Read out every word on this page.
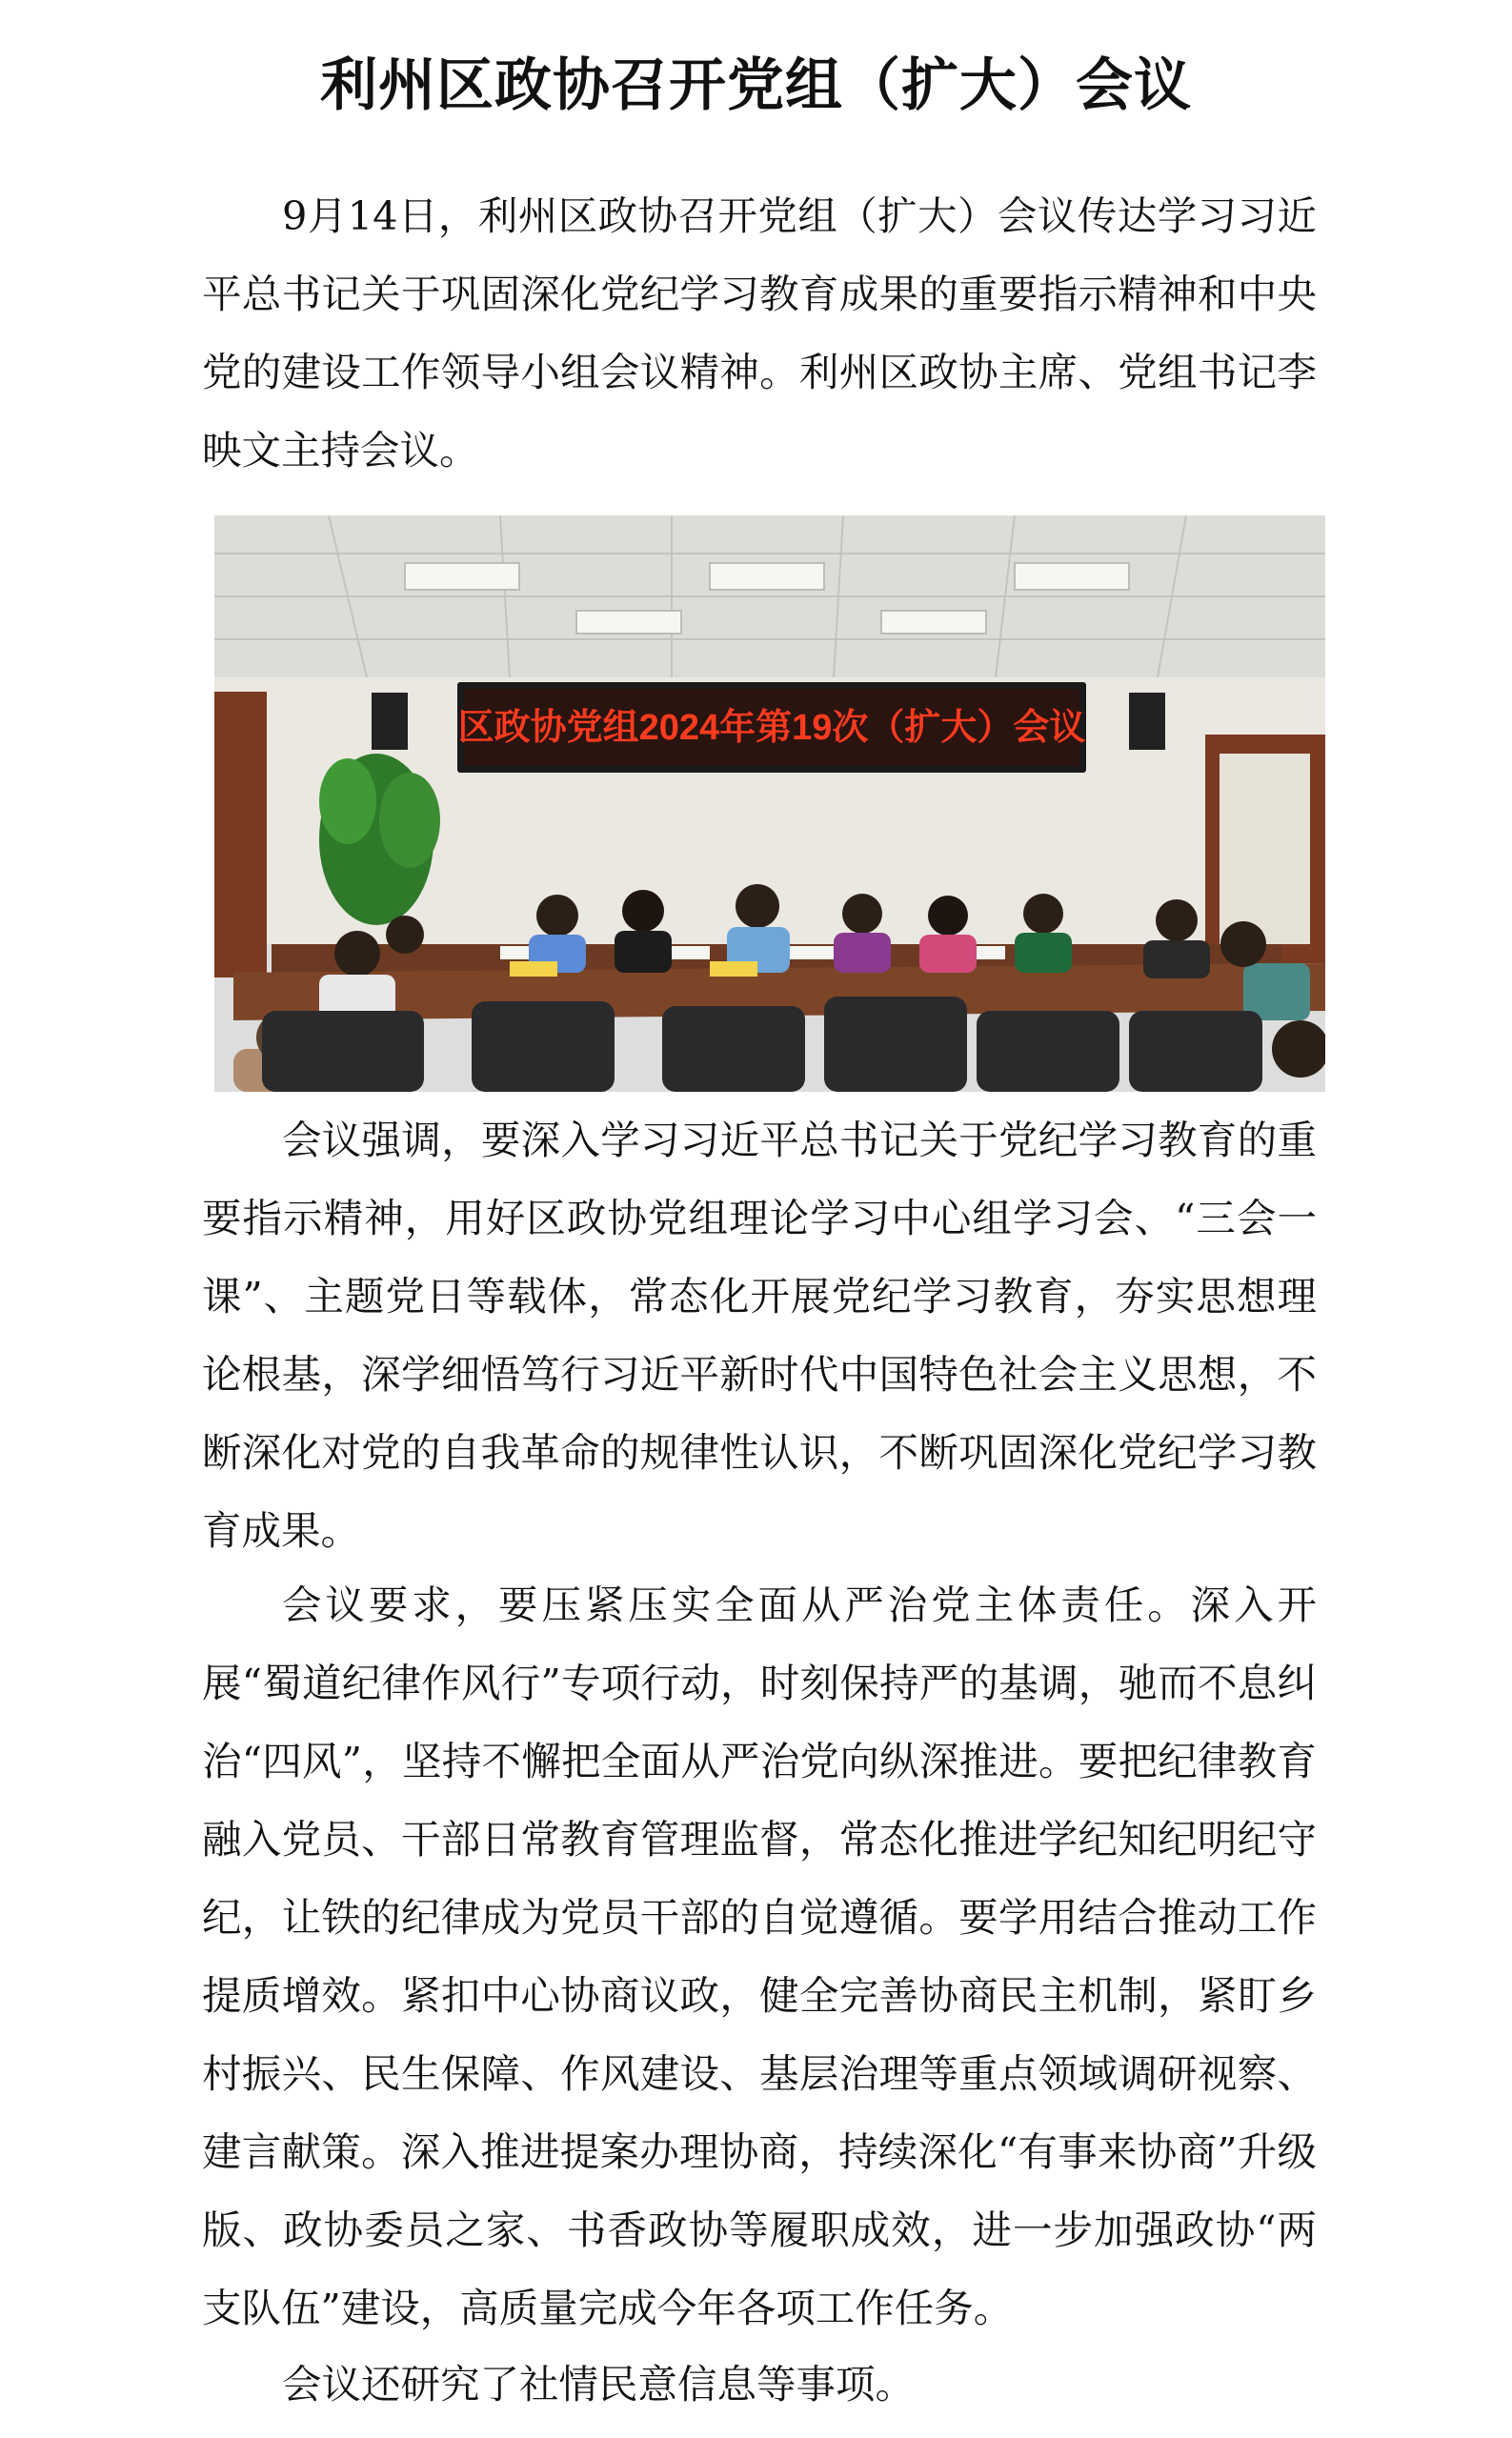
利州区政协召开党组（扩大）会议

9月14日，利州区政协召开党组（扩大）会议传达学习习近平总书记关于巩固深化党纪学习教育成果的重要指示精神和中央党的建设工作领导小组会议精神。利州区政协主席、党组书记李映文主持会议。

区政协党组2024年第19次（扩大）会议

会议强调，要深入学习习近平总书记关于党纪学习教育的重要指示精神，用好区政协党组理论学习中心组学习会、“三会一课”、主题党日等载体，常态化开展党纪学习教育，夯实思想理论根基，深学细悟笃行习近平新时代中国特色社会主义思想，不断深化对党的自我革命的规律性认识，不断巩固深化党纪学习教育成果。

会议要求，要压紧压实全面从严治党主体责任。深入开展“蜀道纪律作风行”专项行动，时刻保持严的基调，驰而不息纠治“四风”，坚持不懈把全面从严治党向纵深推进。要把纪律教育融入党员、干部日常教育管理监督，常态化推进学纪知纪明纪守纪，让铁的纪律成为党员干部的自觉遵循。要学用结合推动工作提质增效。紧扣中心协商议政，健全完善协商民主机制，紧盯乡村振兴、民生保障、作风建设、基层治理等重点领域调研视察、建言献策。深入推进提案办理协商，持续深化“有事来协商”升级版、政协委员之家、书香政协等履职成效，进一步加强政协“两支队伍”建设，高质量完成今年各项工作任务。

会议还研究了社情民意信息等事项。
